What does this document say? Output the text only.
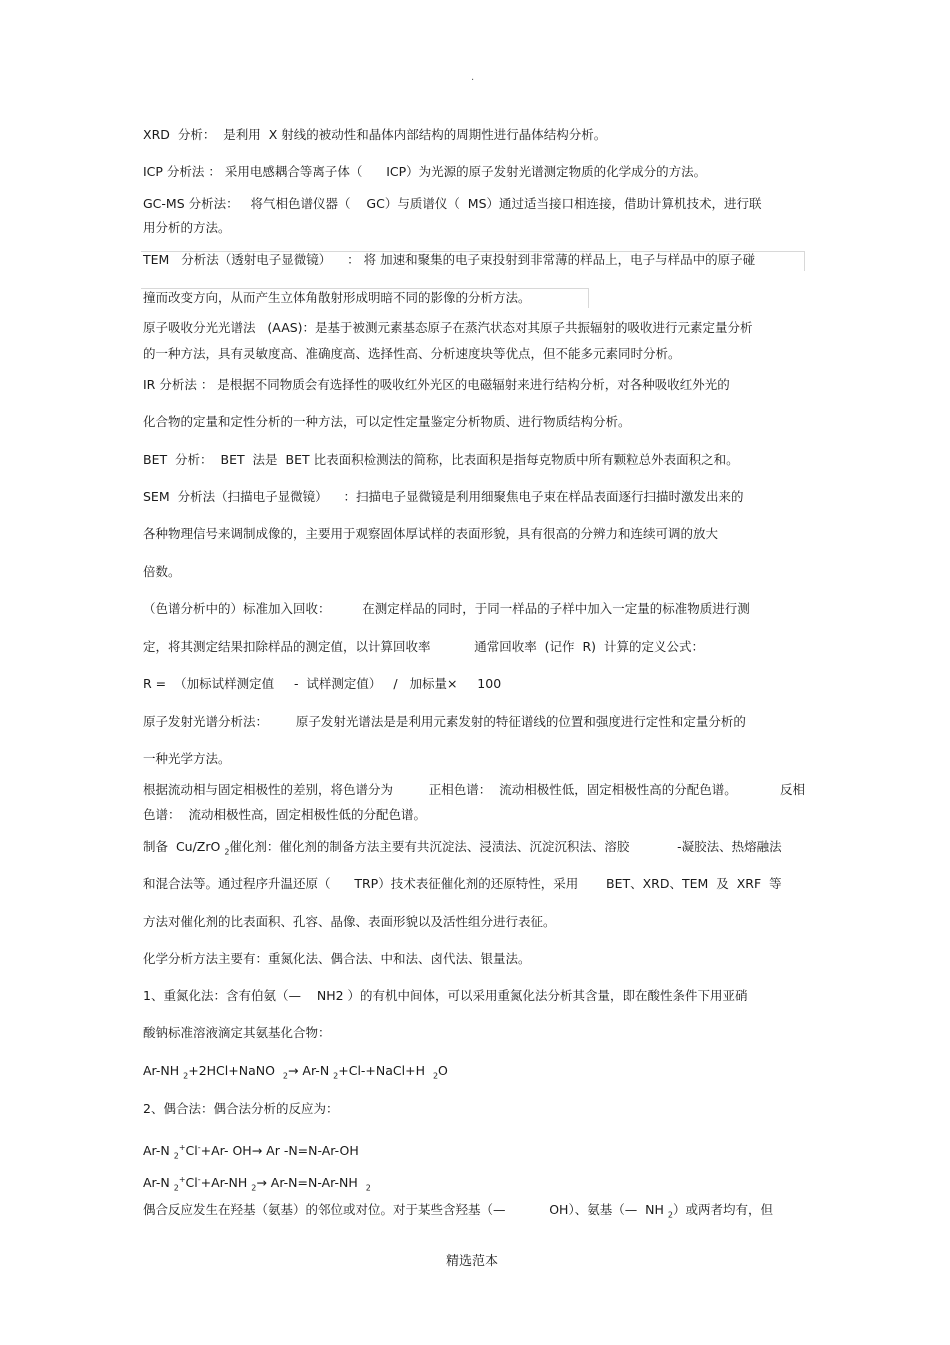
.
XRD  分析：  是利用  X 射线的被动性和晶体内部结构的周期性进行晶体结构分析。
ICP 分析法 ： 采用电感耦合等离子体（      ICP）为光源的原子发射光谱测定物质的化学成分的方法。
GC-MS 分析法：   将气相色谱仪器（    GC）与质谱仪（  MS）通过适当接口相连接，借助计算机技术，进行联
用分析的方法。
TEM   分析法（透射电子显微镜）    ： 将 加速和聚集的电子束投射到非常薄的样品上，电子与样品中的原子碰
撞而改变方向，从而产生立体角散射形成明暗不同的影像的分析方法。
原子吸收分光光谱法   (AAS)：是基于被测元素基态原子在蒸汽状态对其原子共振辐射的吸收进行元素定量分析
的一种方法，具有灵敏度高、准确度高、选择性高、分析速度块等优点，但不能多元素同时分析。
IR 分析法 ： 是根据不同物质会有选择性的吸收红外光区的电磁辐射来进行结构分析，对各种吸收红外光的
化合物的定量和定性分析的一种方法，可以定性定量鉴定分析物质、进行物质结构分析。
BET  分析：  BET  法是  BET 比表面积检测法的简称，比表面积是指每克物质中所有颗粒总外表面积之和。
SEM  分析法（扫描电子显微镜）    ：扫描电子显微镜是利用细聚焦电子束在样品表面逐行扫描时激发出来的
各种物理信号来调制成像的，主要用于观察固体厚试样的表面形貌，具有很高的分辨力和连续可调的放大
倍数。
（色谱分析中的）标准加入回收：        在测定样品的同时，于同一样品的子样中加入一定量的标准物质进行测
定，将其测定结果扣除样品的测定值，以计算回收率           通常回收率  (记作  R)  计算的定义公式：
R =  （加标试样测定值     -  试样测定值）   /   加标量×     100
原子发射光谱分析法：       原子发射光谱法是是利用元素发射的特征谱线的位置和强度进行定性和定量分析的
一种光学方法。
根据流动相与固定相极性的差别，将色谱分为         正相色谱：  流动相极性低，固定相极性高的分配色谱。	反相
色谱：  流动相极性高，固定相极性低的分配色谱。
制备  Cu/ZrO $_2$催化剂：催化剂的制备方法主要有共沉淀法、浸渍法、沉淀沉积法、溶胶            -凝胶法、热熔融法
和混合法等。通过程序升温还原（      TRP）技术表征催化剂的还原特性，采用       BET、XRD、TEM  及  XRF  等
方法对催化剂的比表面积、孔容、晶像、表面形貌以及活性组分进行表征。
化学分析方法主要有：重氮化法、偶合法、中和法、卤代法、银量法。
1、重氮化法：含有伯氨（—    NH2 ）的有机中间体，可以采用重氮化法分析其含量，即在酸性条件下用亚硝
酸钠标准溶液滴定其氨基化合物：
Ar-NH $_2$+2HCl+NaNO  $_2$→ Ar-N $_2$+Cl-+NaCl+H  $_2$O
2、偶合法：偶合法分析的反应为：
Ar-N $_2$+Cl-+Ar- OH→ Ar -N=N-Ar-OH
Ar-N $_2$+Cl-+Ar-NH $_2$→ Ar-N=N-Ar-NH  $_2$
偶合反应发生在羟基（氨基）的邻位或对位。对于某些含羟基（—           OH）、氨基（—  NH $_2$）或两者均有，但
精选范本
